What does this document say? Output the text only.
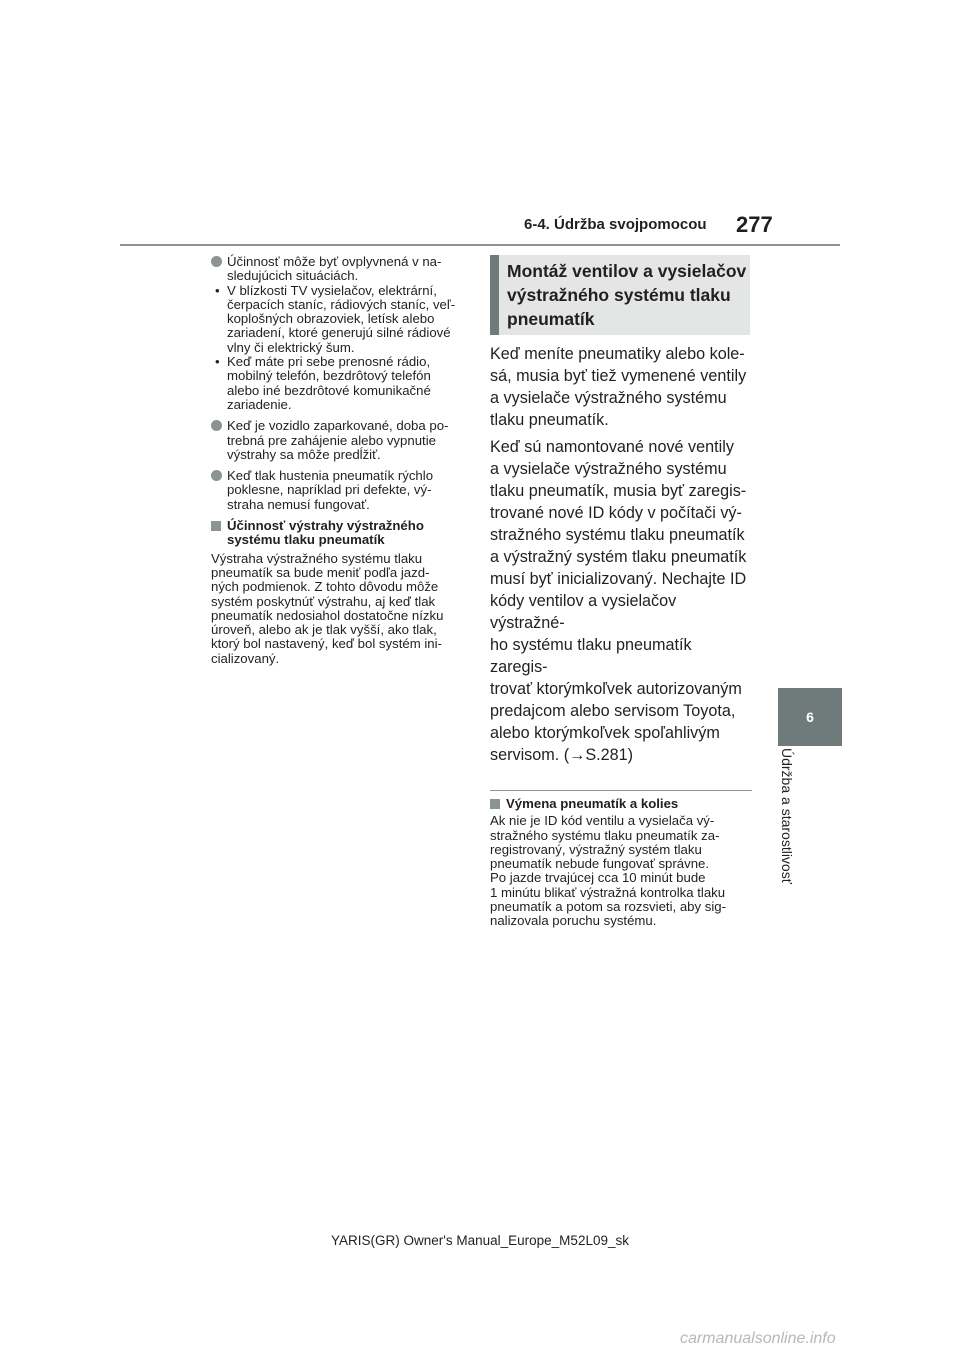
6-4. Údržba svojpomocou 277
6
Údržba a starostlivosť
Účinnosť môže byť ovplyvnená v na-
sledujúcich situáciách.
• V blízkosti TV vysielačov, elektrární,
čerpacích staníc, rádiových staníc, veľ-
koplošných obrazoviek, letísk alebo
zariadení, ktoré generujú silné rádiové
vlny či elektrický šum.
• Keď máte pri sebe prenosné rádio,
mobilný telefón, bezdrôtový telefón
alebo iné bezdrôtové komunikačné
zariadenie.
Keď je vozidlo zaparkované, doba po-
trebná pre zahájenie alebo vypnutie
výstrahy sa môže predĺžiť.
Keď tlak hustenia pneumatík rýchlo
poklesne, napríklad pri defekte, vý-
straha nemusí fungovať.
Účinnosť výstrahy výstražného
systému tlaku pneumatík

Výstraha výstražného systému tlaku
pneumatík sa bude meniť podľa jazd-
ných podmienok. Z tohto dôvodu môže
systém poskytnúť výstrahu, aj keď tlak
pneumatík nedosiahol dostatočne nízku
úroveň, alebo ak je tlak vyšší, ako tlak,
ktorý bol nastavený, keď bol systém ini-
cializovaný.

Montáž ventilov a vysielačov
výstražného systému tlaku
pneumatík

Keď meníte pneumatiky alebo kole-
sá, musia byť tiež vymenené ventily
a vysielače výstražného systému
tlaku pneumatík.

Keď sú namontované nové ventily
a vysielače výstražného systému
tlaku pneumatík, musia byť zaregis-
trované nové ID kódy v počítači vý-
stražného systému tlaku pneumatík
a výstražný systém tlaku pneumatík
musí byť inicializovaný. Nechajte ID
kódy ventilov a vysielačov výstražné-
ho systému tlaku pneumatík zaregis-
trovať ktorýmkoľvek autorizovaným
predajcom alebo servisom Toyota,
alebo ktorýmkoľvek spoľahlivým
servisom. (→S.281)

Výmena pneumatík a kolies

Ak nie je ID kód ventilu a vysielača vý-
stražného systému tlaku pneumatík za-
registrovaný, výstražný systém tlaku
pneumatík nebude fungovať správne.
Po jazde trvajúcej cca 10 minút bude
1 minútu blikať výstražná kontrolka tlaku
pneumatík a potom sa rozsvieti, aby sig-
nalizovala poruchu systému.

YARIS(GR) Owner's Manual_Europe_M52L09_sk
carmanualsonline.info
